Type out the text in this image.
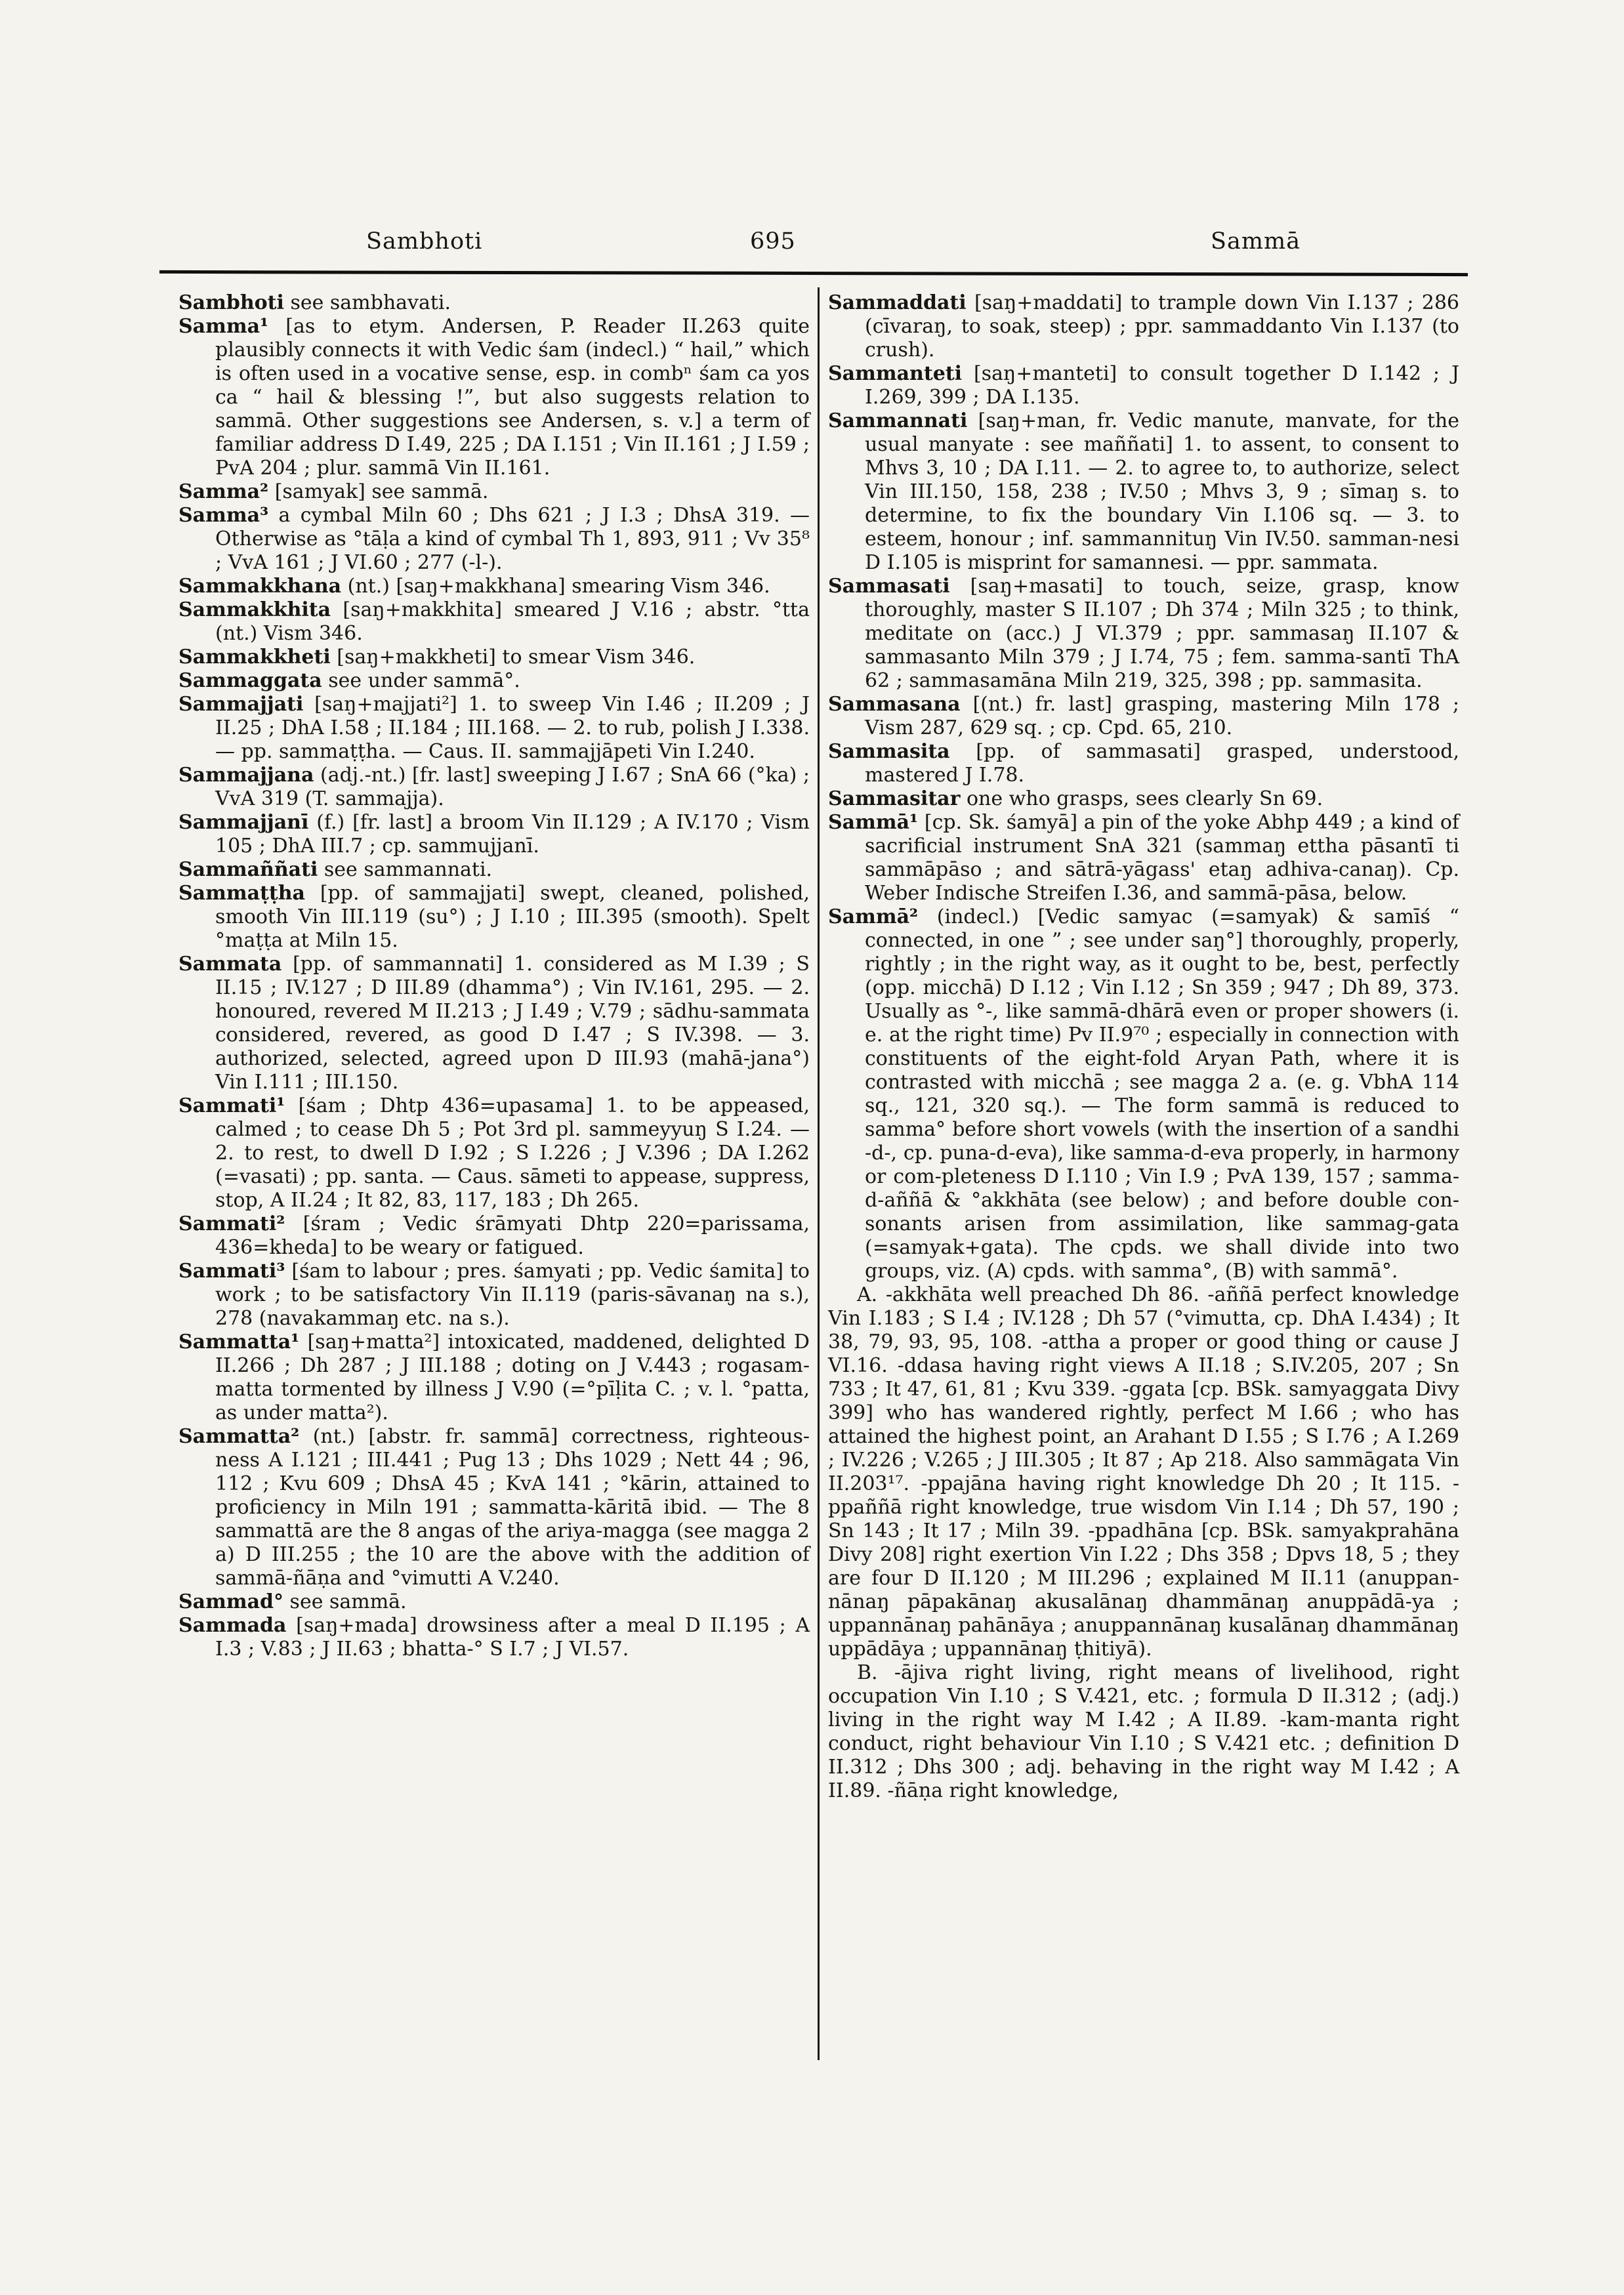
Sambhoti	695	Sammā

Sambhoti see sambhavati.

Samma¹ [as to etym. Andersen, P. Reader II.263 quite plausibly connects it with Vedic śam (indecl.) “ hail,” which is often used in a vocative sense, esp. in combⁿ śam ca yos ca “ hail & blessing !”, but also suggests relation to sammā. Other suggestions see Andersen, s. v.] a term of familiar address D I.49, 225 ; DA I.151 ; Vin II.161 ; J I.59 ; PvA 204 ; plur. sammā Vin II.161.

Samma² [samyak] see sammā.

Samma³ a cymbal Miln 60 ; Dhs 621 ; J I.3 ; DhsA 319. — Otherwise as °tāḷa a kind of cymbal Th 1, 893, 911 ; Vv 35⁸ ; VvA 161 ; J VI.60 ; 277 (-l-).

Sammakkhana (nt.) [saŋ+makkhana] smearing Vism 346.

Sammakkhita [saŋ+makkhita] smeared J V.16 ; abstr. °tta (nt.) Vism 346.

Sammakkheti [saŋ+makkheti] to smear Vism 346.

Sammaggata see under sammā°.

Sammajjati [saŋ+majjati²] 1. to sweep Vin I.46 ; II.209 ; J II.25 ; DhA I.58 ; II.184 ; III.168. — 2. to rub, polish J I.338. — pp. sammaṭṭha. — Caus. II. sammajjāpeti Vin I.240.

Sammajjana (adj.-nt.) [fr. last] sweeping J I.67 ; SnA 66 (°ka) ; VvA 319 (T. sammajja).

Sammajjanī (f.) [fr. last] a broom Vin II.129 ; A IV.170 ; Vism 105 ; DhA III.7 ; cp. sammujjanī.

Sammaññati see sammannati.

Sammaṭṭha [pp. of sammajjati] swept, cleaned, polished, smooth Vin III.119 (su°) ; J I.10 ; III.395 (smooth). Spelt °maṭṭa at Miln 15.

Sammata [pp. of sammannati] 1. considered as M I.39 ; S II.15 ; IV.127 ; D III.89 (dhamma°) ; Vin IV.161, 295. — 2. honoured, revered M II.213 ; J I.49 ; V.79 ; sādhu-sammata considered, revered, as good D I.47 ; S IV.398. — 3. authorized, selected, agreed upon D III.93 (mahā-jana°) Vin I.111 ; III.150.

Sammati¹ [śam ; Dhtp 436=upasama] 1. to be appeased, calmed ; to cease Dh 5 ; Pot 3rd pl. sammeyyuŋ S I.24. — 2. to rest, to dwell D I.92 ; S I.226 ; J V.396 ; DA I.262 (=vasati) ; pp. santa. — Caus. sāmeti to appease, suppress, stop, A II.24 ; It 82, 83, 117, 183 ; Dh 265.

Sammati² [śram ; Vedic śrāmyati Dhtp 220=parissama, 436=kheda] to be weary or fatigued.

Sammati³ [śam to labour ; pres. śamyati ; pp. Vedic śamita] to work ; to be satisfactory Vin II.119 (paris-sāvanaŋ na s.), 278 (navakammaŋ etc. na s.).

Sammatta¹ [saŋ+matta²] intoxicated, maddened, delighted D II.266 ; Dh 287 ; J III.188 ; doting on J V.443 ; rogasam-matta tormented by illness J V.90 (=°pīḷita C. ; v. l. °patta, as under matta²).

Sammatta² (nt.) [abstr. fr. sammā] correctness, righteous-ness A I.121 ; III.441 ; Pug 13 ; Dhs 1029 ; Nett 44 ; 96, 112 ; Kvu 609 ; DhsA 45 ; KvA 141 ; °kārin, attained to proficiency in Miln 191 ; sammatta-kāritā ibid. — The 8 sammattā are the 8 angas of the ariya-magga (see magga 2 a) D III.255 ; the 10 are the above with the addition of sammā-ñāṇa and °vimutti A V.240.

Sammad° see sammā.

Sammada [saŋ+mada] drowsiness after a meal D II.195 ; A I.3 ; V.83 ; J II.63 ; bhatta-° S I.7 ; J VI.57.

Sammaddati [saŋ+maddati] to trample down Vin I.137 ; 286 (cīvaraŋ, to soak, steep) ; ppr. sammaddanto Vin I.137 (to crush).

Sammanteti [saŋ+manteti] to consult together D I.142 ; J I.269, 399 ; DA I.135.

Sammannati [saŋ+man, fr. Vedic manute, manvate, for the usual manyate : see maññati] 1. to assent, to consent to Mhvs 3, 10 ; DA I.11. — 2. to agree to, to authorize, select Vin III.150, 158, 238 ; IV.50 ; Mhvs 3, 9 ; sīmaŋ s. to determine, to fix the boundary Vin I.106 sq. — 3. to esteem, honour ; inf. sammannituŋ Vin IV.50. samman-nesi D I.105 is misprint for samannesi. — ppr. sammata.

Sammasati [saŋ+masati] to touch, seize, grasp, know thoroughly, master S II.107 ; Dh 374 ; Miln 325 ; to think, meditate on (acc.) J VI.379 ; ppr. sammasaŋ II.107 & sammasanto Miln 379 ; J I.74, 75 ; fem. samma-santī ThA 62 ; sammasamāna Miln 219, 325, 398 ; pp. sammasita.

Sammasana [(nt.) fr. last] grasping, mastering Miln 178 ; Vism 287, 629 sq. ; cp. Cpd. 65, 210.

Sammasita [pp. of sammasati] grasped, understood, mastered J I.78.

Sammasitar one who grasps, sees clearly Sn 69.

Sammā¹ [cp. Sk. śamyā] a pin of the yoke Abhp 449 ; a kind of sacrificial instrument SnA 321 (sammaŋ ettha pāsantī ti sammāpāso ; and sātrā-yāgass' etaŋ adhiva-canaŋ). Cp. Weber Indische Streifen I.36, and sammā-pāsa, below.

Sammā² (indecl.) [Vedic samyac (=samyak) & samīś “ connected, in one ” ; see under saŋ°] thoroughly, properly, rightly ; in the right way, as it ought to be, best, perfectly (opp. micchā) D I.12 ; Vin I.12 ; Sn 359 ; 947 ; Dh 89, 373. Usually as °-, like sammā-dhārā even or proper showers (i. e. at the right time) Pv II.9⁷⁰ ; especially in connection with constituents of the eight-fold Aryan Path, where it is contrasted with micchā ; see magga 2 a. (e. g. VbhA 114 sq., 121, 320 sq.). — The form sammā is reduced to samma° before short vowels (with the insertion of a sandhi -d-, cp. puna-d-eva), like samma-d-eva properly, in harmony or com-pleteness D I.110 ; Vin I.9 ; PvA 139, 157 ; samma-d-aññā & °akkhāta (see below) ; and before double con-sonants arisen from assimilation, like sammag-gata (=samyak+gata). The cpds. we shall divide into two groups, viz. (A) cpds. with samma°, (B) with sammā°.

A. -akkhāta well preached Dh 86. -aññā perfect knowledge Vin I.183 ; S I.4 ; IV.128 ; Dh 57 (°vimutta, cp. DhA I.434) ; It 38, 79, 93, 95, 108. -attha a proper or good thing or cause J VI.16. -ddasa having right views A II.18 ; S.IV.205, 207 ; Sn 733 ; It 47, 61, 81 ; Kvu 339. -ggata [cp. BSk. samyaggata Divy 399] who has wandered rightly, perfect M I.66 ; who has attained the highest point, an Arahant D I.55 ; S I.76 ; A I.269 ; IV.226 ; V.265 ; J III.305 ; It 87 ; Ap 218. Also sammāgata Vin II.203¹⁷. -ppajāna having right knowledge Dh 20 ; It 115. -ppaññā right knowledge, true wisdom Vin I.14 ; Dh 57, 190 ; Sn 143 ; It 17 ; Miln 39. -ppadhāna [cp. BSk. samyakprahāna Divy 208] right exertion Vin I.22 ; Dhs 358 ; Dpvs 18, 5 ; they are four D II.120 ; M III.296 ; explained M II.11 (anuppan-nānaŋ pāpakānaŋ akusalānaŋ dhammānaŋ anuppādā-ya ; uppannānaŋ pahānāya ; anuppannānaŋ kusalānaŋ dhammānaŋ uppādāya ; uppannānaŋ ṭhitiyā).

B. -ājiva right living, right means of livelihood, right occupation Vin I.10 ; S V.421, etc. ; formula D II.312 ; (adj.) living in the right way M I.42 ; A II.89. -kam-manta right conduct, right behaviour Vin I.10 ; S V.421 etc. ; definition D II.312 ; Dhs 300 ; adj. behaving in the right way M I.42 ; A II.89. -ñāṇa right knowledge,
